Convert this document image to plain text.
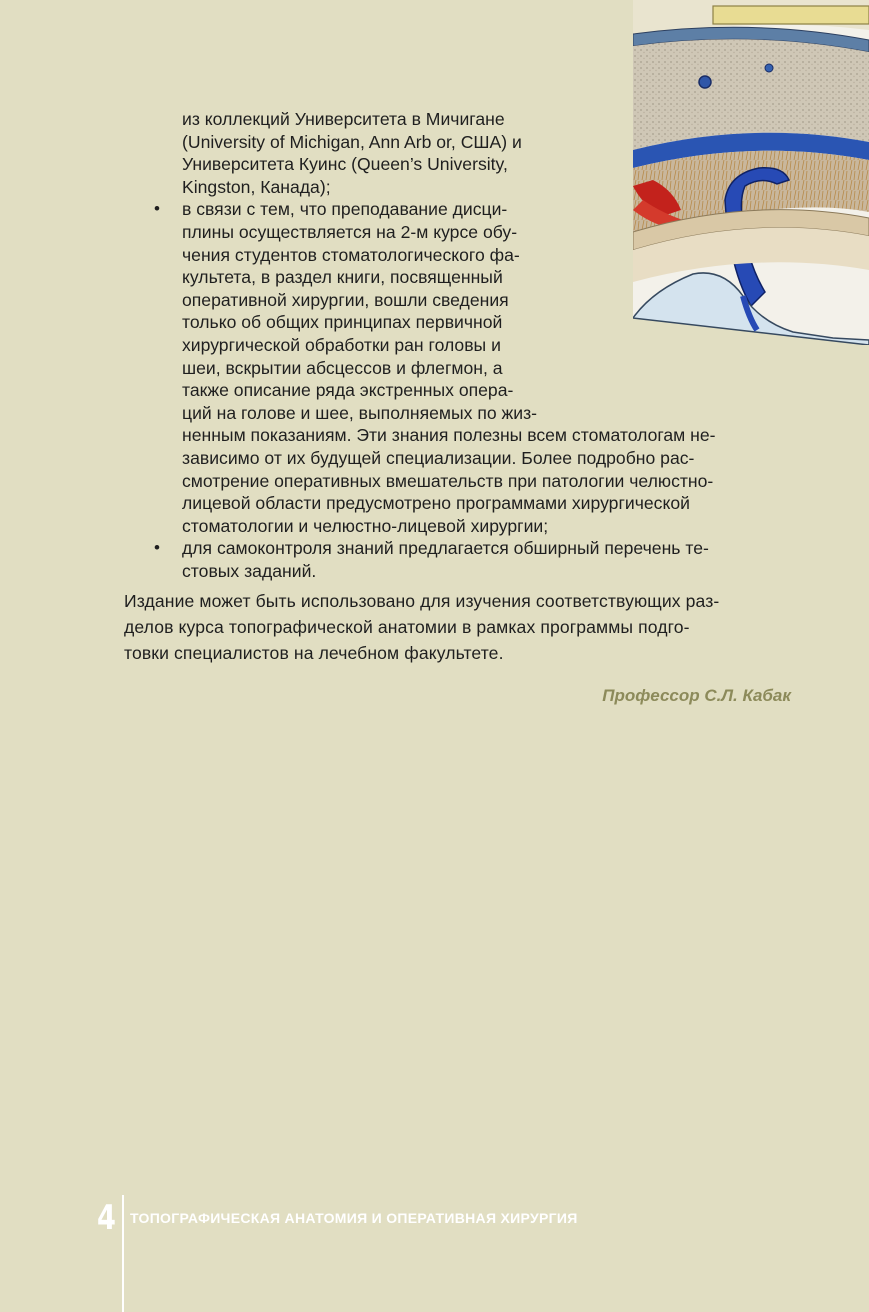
из коллекций Университета в Мичигане
(University of Michigan, Ann Arb or, США) и
Университета Куинс (Queen’s University,
Kingston, Канада);
• в связи с тем, что преподавание дисци-
плины осуществляется на 2-м курсе обу-
чения студентов стоматологического фа-
культета, в раздел книги, посвященный
оперативной хирургии, вошли сведения
только об общих принципах первичной
хирургической обработки ран головы и
шеи, вскрытии абсцессов и флегмон, а
также описание ряда экстренных опера-
ций на голове и шее, выполняемых по жиз-
ненным показаниям. Эти знания полезны всем стоматологам не-
зависимо от их будущей специализации. Более подробно рас-
смотрение оперативных вмешательств при патологии челюстно-
лицевой области предусмотрено программами хирургической
стоматологии и челюстно-лицевой хирургии;
• для самоконтроля знаний предлагается обширный перечень те-
стовых заданий.
Издание может быть использовано для изучения соответствующих раз-
делов курса топографической анатомии в рамках программы подго-
товки специалистов на лечебном факультете.
Профессор С.Л. Кабак
4 ТОПОГРАФИЧЕСКАЯ АНАТОМИЯ И ОПЕРАТИВНАЯ ХИРУРГИЯ
